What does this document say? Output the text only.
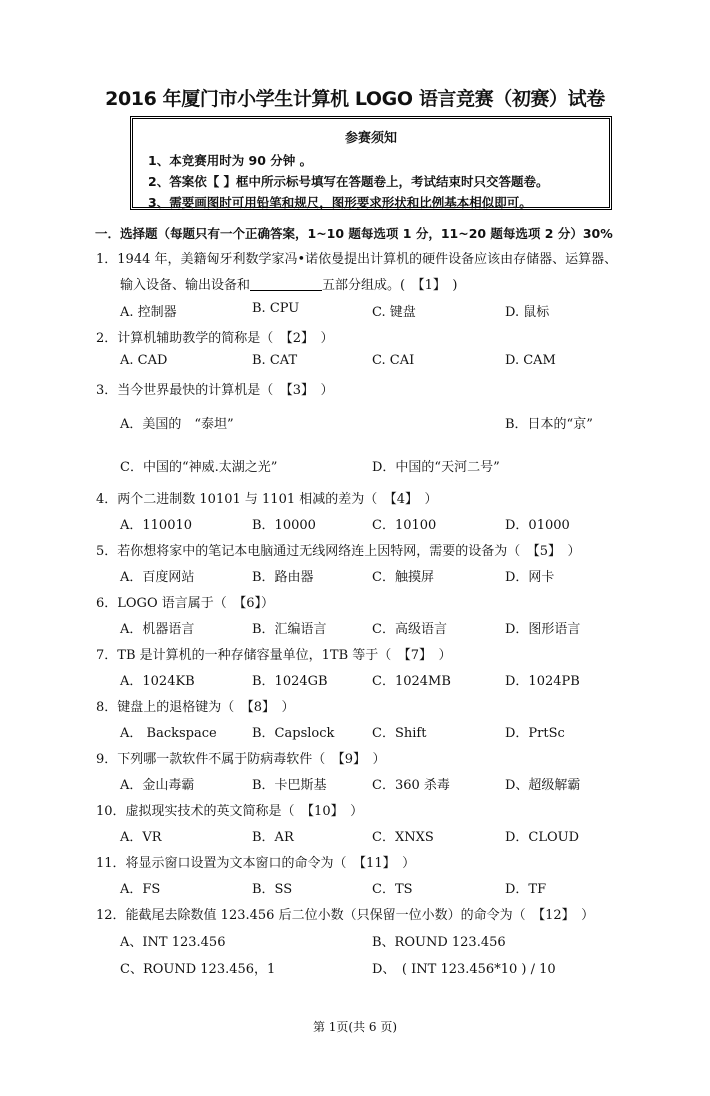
2016 年厦门市小学生计算机 LOGO 语言竞赛（初赛）试卷
参赛须知
1、本竞赛用时为 90 分钟 。
2、答案依【 】框中所示标号填写在答题卷上，考试结束时只交答题卷。
3、需要画图时可用铅笔和规尺，图形要求形状和比例基本相似即可。
一．选择题（每题只有一个正确答案，1~10 题每选项 1 分，11~20 题每选项 2 分）30%
1．1944 年，美籍匈牙利数学家冯•诺依曼提出计算机的硬件设备应该由存储器、运算器、
输入设备、输出设备和	五部分组成。(　【1】　)
A. 控制器	B. CPU	C. 键盘	D. 鼠标
2．计算机辅助教学的简称是（　【2】　）
A. CAD	B. CAT	C. CAI	D. CAM
3．当今世界最快的计算机是（　【3】　）
A．美国的　“泰坦”	B．日本的“京”
C．中国的“神威.太湖之光”	D．中国的“天河二号”
4．两个二进制数 10101 与 1101 相减的差为（　【4】　）
A．110010	B．10000	C．10100	D．01000
5．若你想将家中的笔记本电脑通过无线网络连上因特网，需要的设备为（　【5】　）
A．百度网站	B．路由器	C．触摸屏	D．网卡
6．LOGO 语言属于（　【6】）
A．机器语言	B．汇编语言	C．高级语言	D．图形语言
7．TB 是计算机的一种存储容量单位，1TB 等于（　【7】　）
A．1024KB	B．1024GB	C．1024MB	D．1024PB
8．键盘上的退格键为（　【8】　）
A． Backspace	B．Capslock	C．Shift	D．PrtSc
9．下列哪一款软件不属于防病毒软件（　【9】　）
A．金山毒霸	B．卡巴斯基	C．360 杀毒	D、超级解霸
10．虚拟现实技术的英文简称是（　【10】　）
A．VR	B．AR	C．XNXS	D．CLOUD
11．将显示窗口设置为文本窗口的命令为（　【11】　）
A．FS	B．SS	C．TS	D．TF
12．能截尾去除数值 123.456 后二位小数（只保留一位小数）的命令为（　【12】　）
A、INT 123.456	B、ROUND 123.456
C、ROUND 123.456，1	D、　( INT 123.456*10 ) / 10
第 1页(共 6 页)
